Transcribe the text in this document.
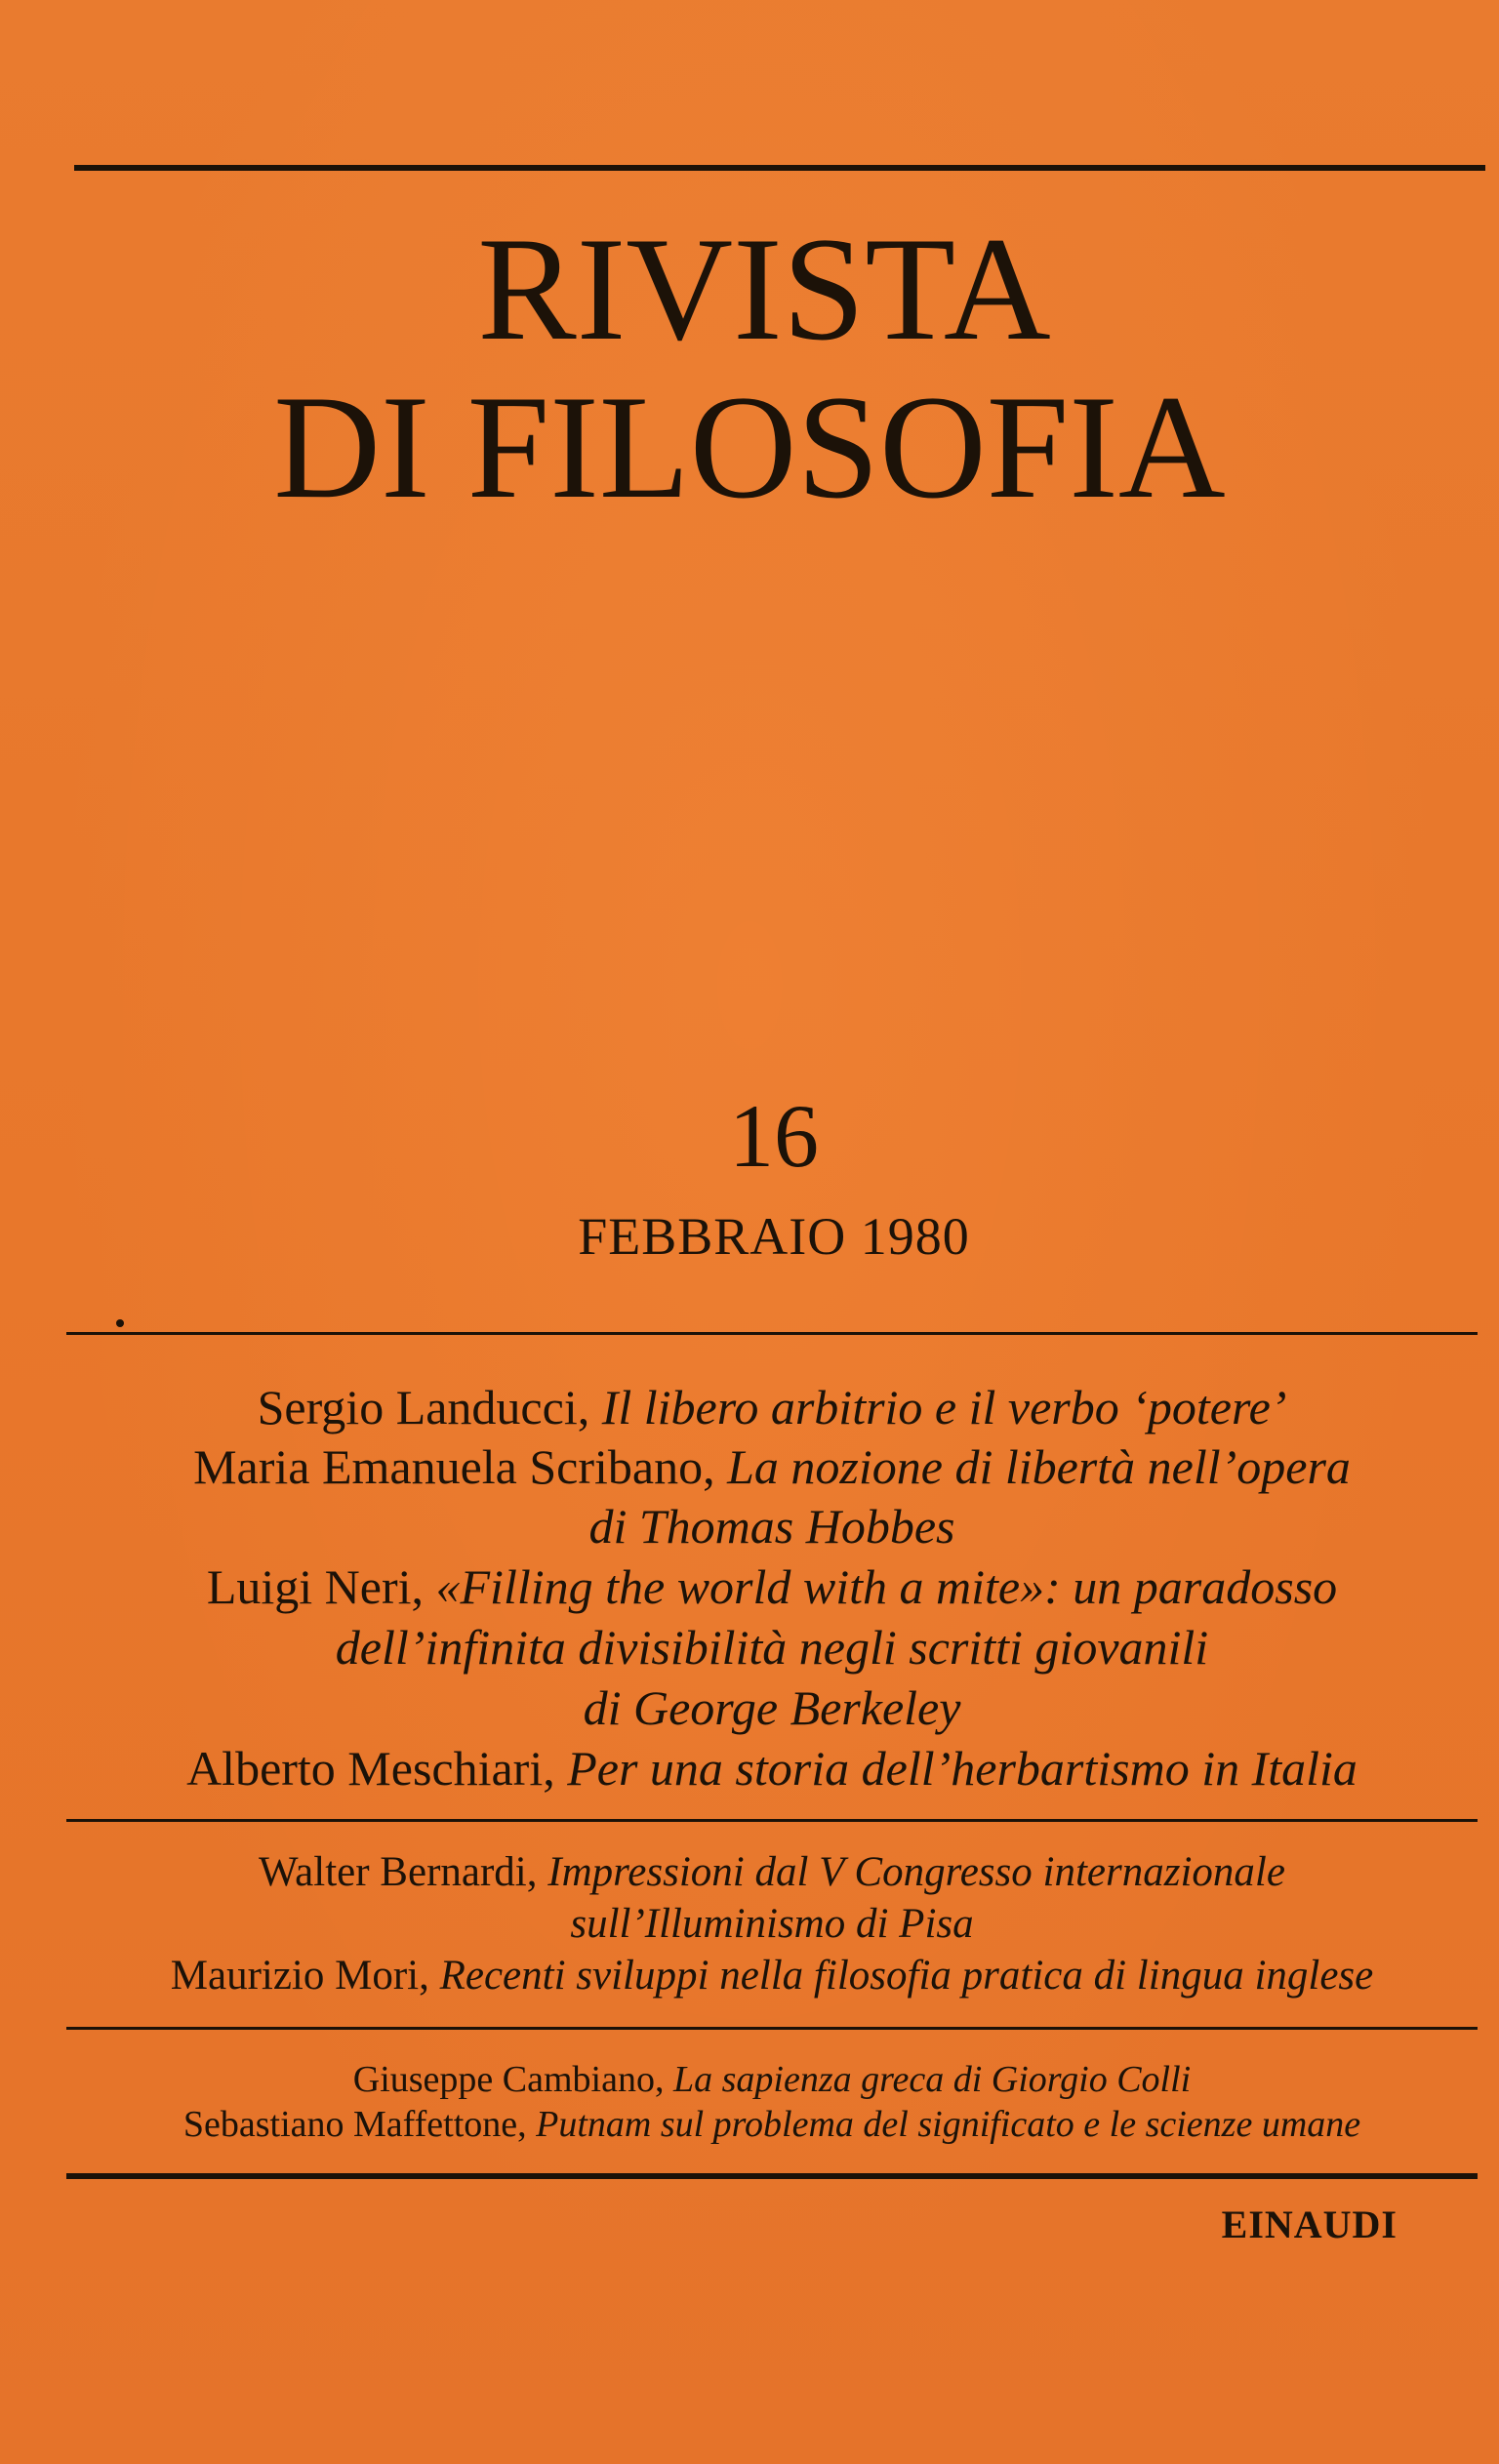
RIVISTA
DI FILOSOFIA
16
FEBBRAIO 1980
Sergio Landucci, Il libero arbitrio e il verbo ‘potere’
Maria Emanuela Scribano, La nozione di libertà nell’opera
di Thomas Hobbes
Luigi Neri, «Filling the world with a mite»: un paradosso
dell’infinita divisibilità negli scritti giovanili
di George Berkeley
Alberto Meschiari, Per una storia dell’herbartismo in Italia
Walter Bernardi, Impressioni dal V Congresso internazionale
sull’Illuminismo di Pisa
Maurizio Mori, Recenti sviluppi nella filosofia pratica di lingua inglese
Giuseppe Cambiano, La sapienza greca di Giorgio Colli
Sebastiano Maffettone, Putnam sul problema del significato e le scienze umane
EINAUDI
